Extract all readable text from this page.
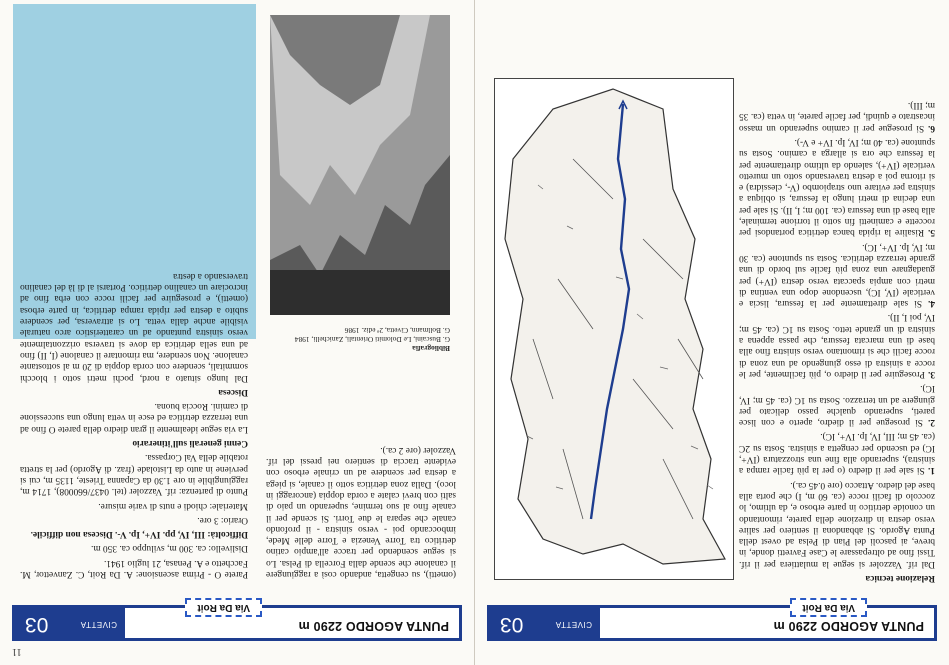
PUNTA AGORDO 2290 m
CIVETTA
03
Via Da Roit

Relazione tecnica

Dal rif. Vazzoler si segue la mulattiera per il rif. Tissi fino ad oltrepassare le Case Favretti donde, in breve, ai pascoli del Pian di Pelsa ad ovest della Punta Agordo. Si abbandona il sentiero per salire verso destra in direzione della parete, rimontando un conoide detritico in parte erboso e, da ultimo, lo zoccolo di facili rocce (ca. 60 m, I) che porta alla base del diedro. Attacco (ore 0.45 ca.).

1. Si sale per il diedro (o per la più facile rampa a sinistra), superando alla fine una strozzatura (IV+, IC) ed uscendo per cengetta a sinistra. Sosta su 2C (ca. 45 m; III, IV, Ip. IV+, IC).

2. Si prosegue per il diedro, aperto e con lisce pareti, superando qualche passo delicato per giungere ad un terrazzo. Sosta su 1C (ca. 45 m; IV, IC).

3. Proseguire per il diedro o, più facilmente, per le rocce a sinistra di esso giungendo ad una zona di rocce facili che si rimontano verso sinistra fino alla base di una marcata fessura, che passa appena a sinistra di un grande tetto. Sosta su 1C (ca. 45 m; IV, poi I, II).

4. Si sale direttamente per la fessura, liscia e verticale (IV, IC), uscendone dopo una ventina di metri con ampia spaccata verso destra (IV+) per guadagnare una zona più facile sul bordo di una grande terrazza detritica. Sosta su spuntone (ca. 30 m; IV, Ip. IV+, IC).

5. Risalire la ripida banca detritica portandosi per roccette e caminetti fin sotto il torrione terminale, alla base di una fessura (ca. 100 m; I, II). Si sale per una decina di metri lungo la fessura, si obliqua a sinistra per evitare uno strapiombo (V-, clessidra) e si ritorna poi a destra traversando sotto un muretto verticale (IV+), salendo da ultimo direttamente per la fessura che ora si allarga a camino. Sosta su spuntone (ca. 40 m; IV, Ip. IV+ e V-).

6. Si prosegue per il camino superando un masso incastrato e quindi, per facile parete, in vetta (ca. 35 m; III).

11
PUNTA AGORDO 2290 m
CIVETTA
03
Via Da Roit

(ometti), su cengetta, andando così a raggiungere il canalone che scende dalla Forcella di Pelsa. Lo si segue scendendo per tracce all'ampio catino detritico tra Torre Venezia e Torre delle Mede, imboccando poi - verso sinistra - il profondo canale che separa le due Torri. Si scende per il canale fino al suo termine, superando un paio di salti con brevi calate a corda doppia (ancoraggi in loco). Dalla zona detritica sotto il canale, si piega a destra per scendere ad un crinale erboso con evidente traccia di sentiero nei pressi del rif. Vazzoler (ore 2 ca.).

Bibliografia
G. Buscaini, Le Dolomiti Orientali, Zanichelli, 1984
G. Bollmann, Civetta, 2ª ediz. 1986

Parete O - Prima ascensione: A. Da Roit, C. Zanvettor, M. Facchetto e A. Penasa, 21 luglio 1941.

Dislivello: ca. 300 m, sviluppo ca. 350 m.

Difficoltà: III, IV, pp. IV+, Ip. V-. Discesa non difficile.

Orario: 3 ore.

Materiale: chiodi e nuts di varie misure.

Punto di partenza: rif. Vazzoler (tel. 0437/660008), 1714 m, raggiungibile in ore 1.30 da Capanna Trieste, 1135 m, cui si perviene in auto da Listolade (fraz. di Agordo) per la stretta rotabile della Val Corpassa.

Cenni generali sull'itinerario

La via segue idealmente il gran diedro della parete O fino ad una terrazza detritica ed esce in vetta lungo una successione di camini. Roccia buona.

Discesa

Dal lungo situato a nord, pochi metri sotto i blocchi sommitali, scendere con corda doppia di 20 m al sottostante canalone. Non scendere, ma rimontare il canalone (I, II) fino ad una sella detritica da dove si traversa orizzontalmente verso sinistra puntando ad un caratteristico arco naturale visibile anche dalla vetta. Lo si attraversa, per scendere subito a destra per ripida rampa detritica, in parte erbosa (ometti), e proseguire per facili rocce con erba fino ad incrociare un canalino detritico. Portarsi al di là del canalino traversando a destra
